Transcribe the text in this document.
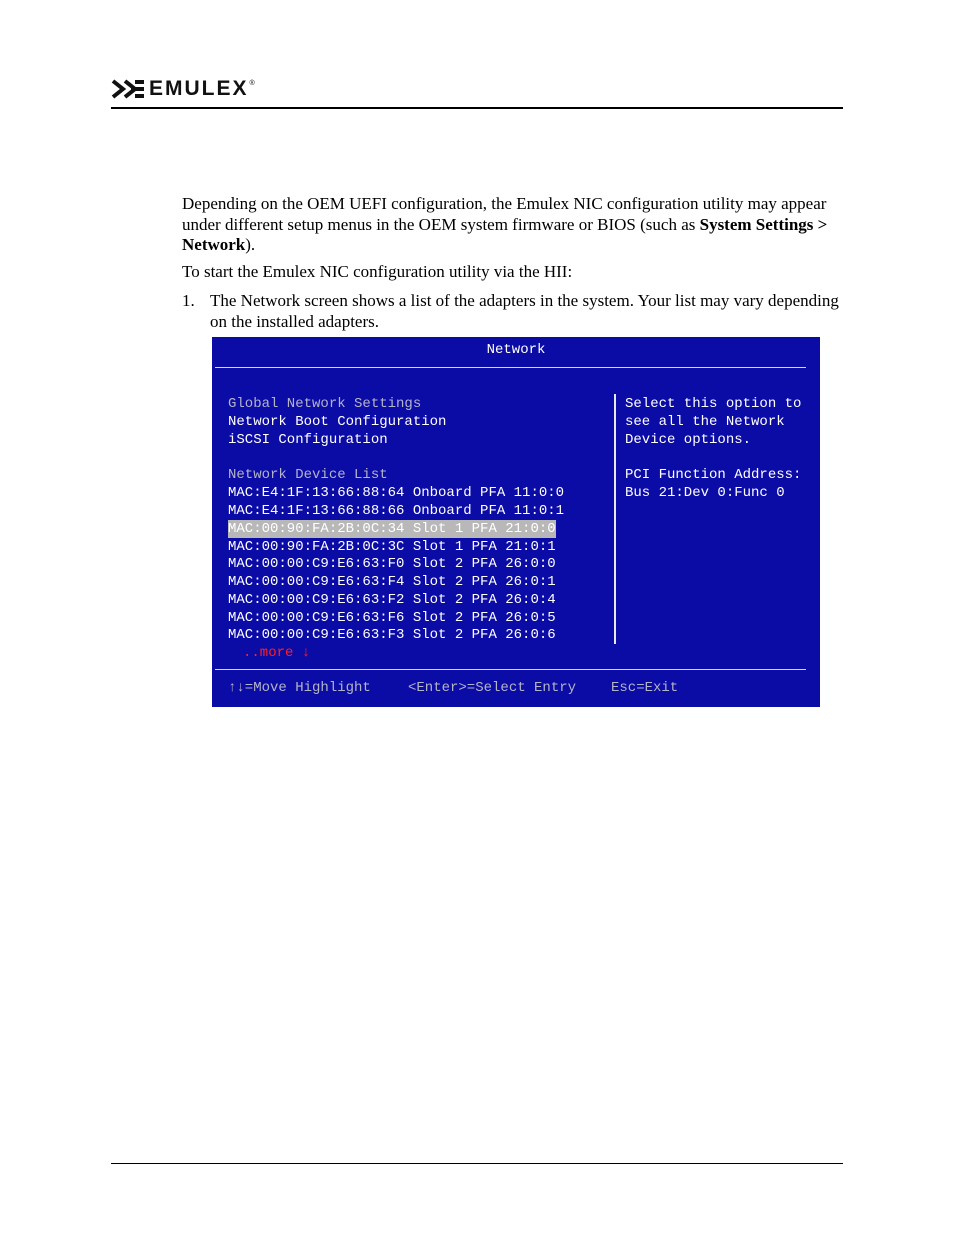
EMULEX ®
Depending on the OEM UEFI configuration, the Emulex NIC configuration utility may appear under different setup menus in the OEM system firmware or BIOS (such as System Settings > Network).
To start the Emulex NIC configuration utility via the HII:
1. The Network screen shows a list of the adapters in the system. Your list may vary depending on the installed adapters.
Network
Global Network Settings
Network Boot Configuration
iSCSI Configuration
Network Device List
MAC:E4:1F:13:66:88:64 Onboard PFA 11:0:0
MAC:E4:1F:13:66:88:66 Onboard PFA 11:0:1
MAC:00:90:FA:2B:0C:34 Slot 1 PFA 21:0:0
MAC:00:90:FA:2B:0C:3C Slot 1 PFA 21:0:1
MAC:00:00:C9:E6:63:F0 Slot 2 PFA 26:0:0
MAC:00:00:C9:E6:63:F4 Slot 2 PFA 26:0:1
MAC:00:00:C9:E6:63:F2 Slot 2 PFA 26:0:4
MAC:00:00:C9:E6:63:F6 Slot 2 PFA 26:0:5
MAC:00:00:C9:E6:63:F3 Slot 2 PFA 26:0:6
..more ↓
Select this option to
see all the Network
Device options.
PCI Function Address:
Bus 21:Dev 0:Func 0
↑↓=Move Highlight	<Enter>=Select Entry Esc=Exit
